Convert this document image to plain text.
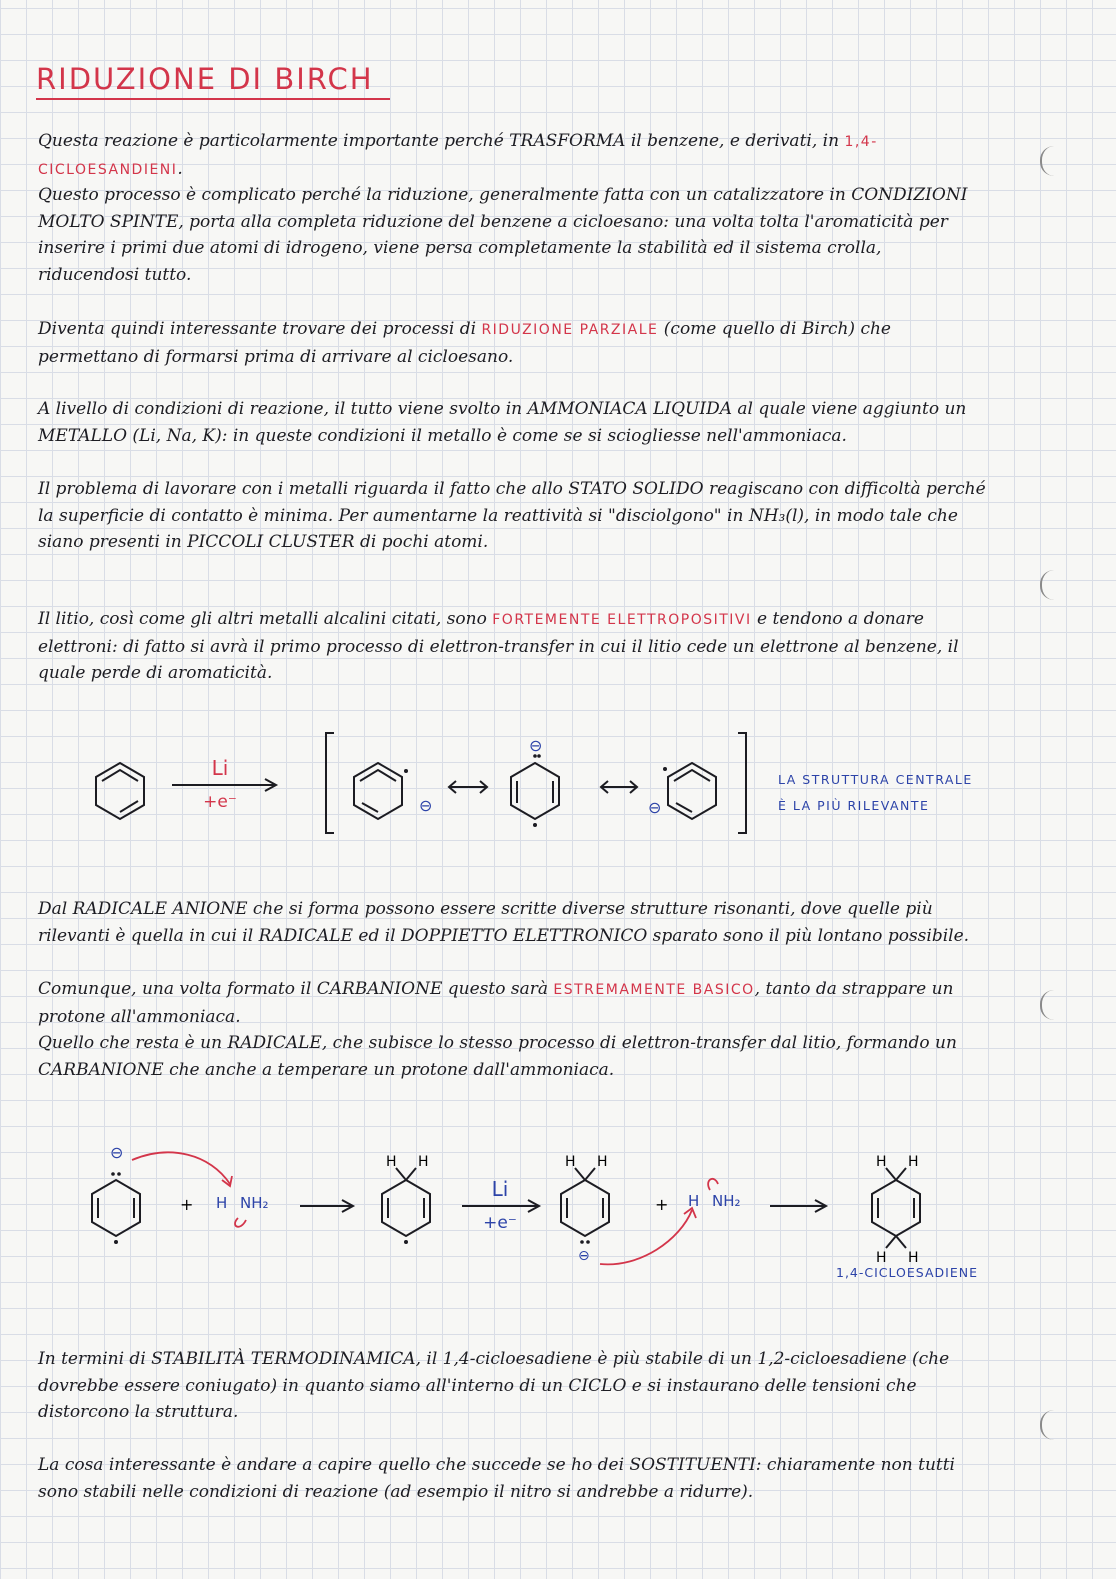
RIDUZIONE DI BIRCH

Questa reazione è particolarmente importante perché TRASFORMA il benzene, e derivati, in 1,4-CICLOESANDIENI.

Questo processo è complicato perché la riduzione, generalmente fatta con un catalizzatore in CONDIZIONI MOLTO SPINTE, porta alla completa riduzione del benzene a cicloesano: una volta tolta l'aromaticità per inserire i primi due atomi di idrogeno, viene persa completamente la stabilità ed il sistema crolla, riducendosi tutto.

Diventa quindi interessante trovare dei processi di RIDUZIONE PARZIALE (come quello di Birch) che permettano di formarsi prima di arrivare al cicloesano.

A livello di condizioni di reazione, il tutto viene svolto in AMMONIACA LIQUIDA al quale viene aggiunto un METALLO (Li, Na, K): in queste condizioni il metallo è come se si sciogliesse nell'ammoniaca.

Il problema di lavorare con i metalli riguarda il fatto che allo STATO SOLIDO reagiscano con difficoltà perché la superficie di contatto è minima. Per aumentarne la reattività si "disciolgono" in NH₃(l), in modo tale che siano presenti in PICCOLI CLUSTER di pochi atomi.

Il litio, così come gli altri metalli alcalini citati, sono FORTEMENTE ELETTROPOSITIVI e tendono a donare elettroni: di fatto si avrà il primo processo di elettron-transfer in cui il litio cede un elettrone al benzene, il quale perde di aromaticità.

Li
+e⁻	⊖
⊖
⊖
LA STRUTTURA CENTRALE
È LA PIÙ RILEVANTE

Dal RADICALE ANIONE che si forma possono essere scritte diverse strutture risonanti, dove quelle più rilevanti è quella in cui il RADICALE ed il DOPPIETTO ELETTRONICO sparato sono il più lontano possibile.

Comunque, una volta formato il CARBANIONE questo sarà ESTREMAMENTE BASICO, tanto da strappare un protone all'ammoniaca.

Quello che resta è un RADICALE, che subisce lo stesso processo di elettron-transfer dal litio, formando un CARBANIONE che anche a temperare un protone dall'ammoniaca.

⊖
+ H NH₂
H H
Li
+e⁻
H H
⊖
+ H NH₂
H H
H H
1,4-CICLOESADIENE

In termini di STABILITÀ TERMODINAMICA, il 1,4-cicloesadiene è più stabile di un 1,2-cicloesadiene (che dovrebbe essere coniugato) in quanto siamo all'interno di un CICLO e si instaurano delle tensioni che distorcono la struttura.

La cosa interessante è andare a capire quello che succede se ho dei SOSTITUENTI: chiaramente non tutti sono stabili nelle condizioni di reazione (ad esempio il nitro si andrebbe a ridurre).
